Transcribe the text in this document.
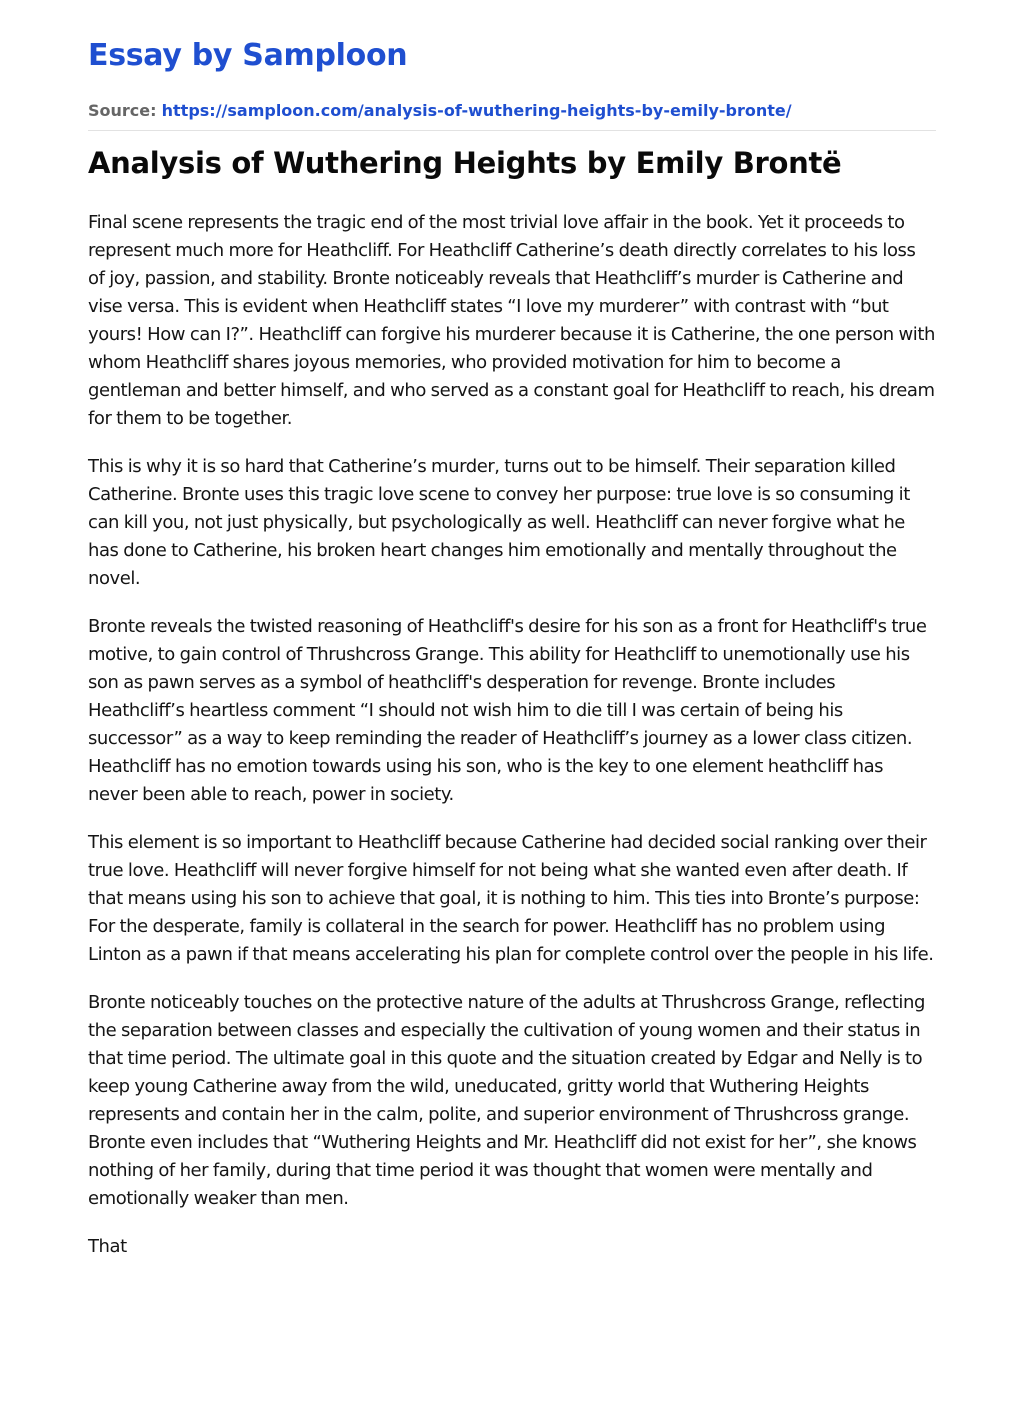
Essay by Samploon
Source: https://samploon.com/analysis-of-wuthering-heights-by-emily-bronte/
Analysis of Wuthering Heights by Emily Brontë

Final scene represents the tragic end of the most trivial love affair in the book. Yet it proceeds to represent much more for Heathcliff. For Heathcliff Catherine’s death directly correlates to his loss of joy, passion, and stability. Bronte noticeably reveals that Heathcliff’s murder is Catherine and vise versa. This is evident when Heathcliff states “I love my murderer” with contrast with “but yours! How can I?”. Heathcliff can forgive his murderer because it is Catherine, the one person with whom Heathcliff shares joyous memories, who provided motivation for him to become a gentleman and better himself, and who served as a constant goal for Heathcliff to reach, his dream for them to be together.

This is why it is so hard that Catherine’s murder, turns out to be himself. Their separation killed Catherine. Bronte uses this tragic love scene to convey her purpose: true love is so consuming it can kill you, not just physically, but psychologically as well. Heathcliff can never forgive what he has done to Catherine, his broken heart changes him emotionally and mentally throughout the novel.

Bronte reveals the twisted reasoning of Heathcliff's desire for his son as a front for Heathcliff's true motive, to gain control of Thrushcross Grange. This ability for Heathcliff to unemotionally use his son as pawn serves as a symbol of heathcliff's desperation for revenge. Bronte includes Heathcliff’s heartless comment “I should not wish him to die till I was certain of being his successor” as a way to keep reminding the reader of Heathcliff’s journey as a lower class citizen. Heathcliff has no emotion towards using his son, who is the key to one element heathcliff has never been able to reach, power in society.

This element is so important to Heathcliff because Catherine had decided social ranking over their true love. Heathcliff will never forgive himself for not being what she wanted even after death. If that means using his son to achieve that goal, it is nothing to him. This ties into Bronte’s purpose: For the desperate, family is collateral in the search for power. Heathcliff has no problem using Linton as a pawn if that means accelerating his plan for complete control over the people in his life.

Bronte noticeably touches on the protective nature of the adults at Thrushcross Grange, reflecting the separation between classes and especially the cultivation of young women and their status in that time period. The ultimate goal in this quote and the situation created by Edgar and Nelly is to keep young Catherine away from the wild, uneducated, gritty world that Wuthering Heights represents and contain her in the calm, polite, and superior environment of Thrushcross grange. Bronte even includes that “Wuthering Heights and Mr. Heathcliff did not exist for her”, she knows nothing of her family, during that time period it was thought that women were mentally and emotionally weaker than men.

That
